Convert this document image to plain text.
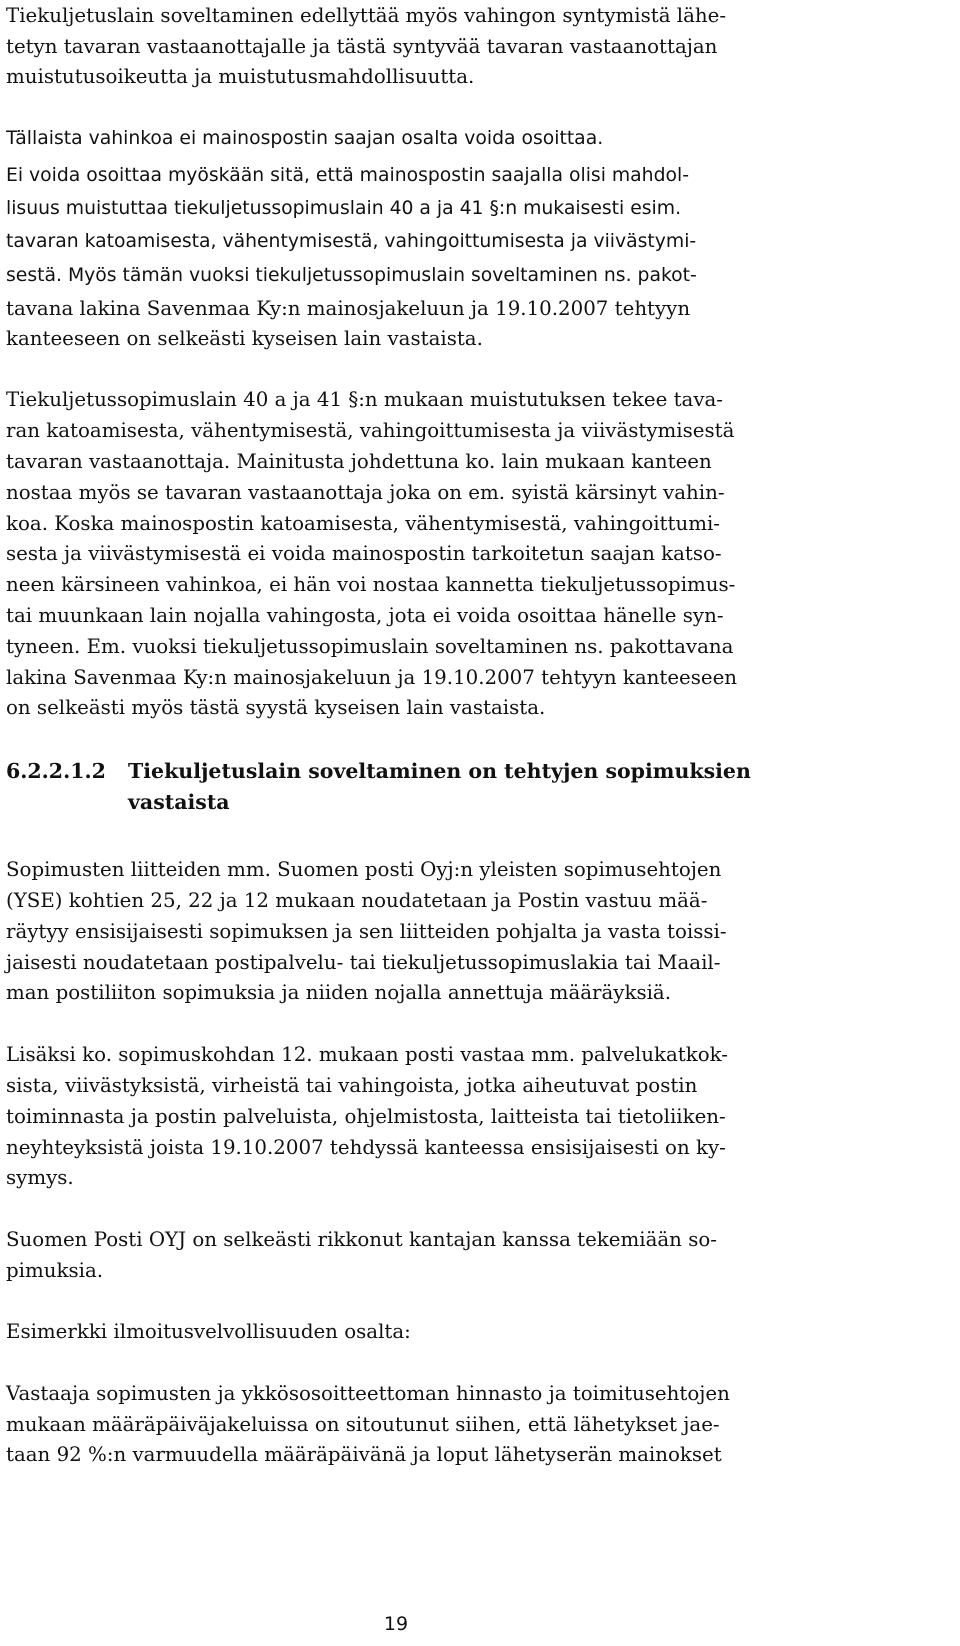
Tiekuljetuslain soveltaminen edellyttää myös vahingon syntymistä lähe-
tetyn tavaran vastaanottajalle ja tästä syntyvää tavaran vastaanottajan
muistutusoikeutta ja muistutusmahdollisuutta.
Tällaista vahinkoa ei mainospostin saajan osalta voida osoittaa.
Ei voida osoittaa myöskään sitä, että mainospostin saajalla olisi mahdol-
lisuus muistuttaa tiekuljetussopimuslain 40 a ja 41 §:n mukaisesti esim.
tavaran katoamisesta, vähentymisestä, vahingoittumisesta ja viivästymi-
sestä. Myös tämän vuoksi tiekuljetussopimuslain soveltaminen ns. pakot-
tavana lakina Savenmaa Ky:n mainosjakeluun ja 19.10.2007 tehtyyn
kanteeseen on selkeästi kyseisen lain vastaista.
Tiekuljetussopimuslain 40 a ja 41 §:n mukaan muistutuksen tekee tava-
ran katoamisesta, vähentymisestä, vahingoittumisesta ja viivästymisestä
tavaran vastaanottaja. Mainitusta johdettuna ko. lain mukaan kanteen
nostaa myös se tavaran vastaanottaja joka on em. syistä kärsinyt vahin-
koa. Koska mainospostin katoamisesta, vähentymisestä, vahingoittumi-
sesta ja viivästymisestä ei voida mainospostin tarkoitetun saajan katso-
neen kärsineen vahinkoa, ei hän voi nostaa kannetta tiekuljetussopimus-
tai muunkaan lain nojalla vahingosta, jota ei voida osoittaa hänelle syn-
tyneen. Em. vuoksi tiekuljetussopimuslain soveltaminen ns. pakottavana
lakina Savenmaa Ky:n mainosjakeluun ja 19.10.2007 tehtyyn kanteeseen
on selkeästi myös tästä syystä kyseisen lain vastaista.
6.2.2.1.2 Tiekuljetuslain soveltaminen on tehtyjen sopimuksien
vastaista
Sopimusten liitteiden mm. Suomen posti Oyj:n yleisten sopimusehtojen
(YSE) kohtien 25, 22 ja 12 mukaan noudatetaan ja Postin vastuu mää-
räytyy ensisijaisesti sopimuksen ja sen liitteiden pohjalta ja vasta toissi-
jaisesti noudatetaan postipalvelu- tai tiekuljetussopimuslakia tai Maail-
man postiliiton sopimuksia ja niiden nojalla annettuja määräyksiä.
Lisäksi ko. sopimuskohdan 12. mukaan posti vastaa mm. palvelukatkok-
sista, viivästyksistä, virheistä tai vahingoista, jotka aiheutuvat postin
toiminnasta ja postin palveluista, ohjelmistosta, laitteista tai tietoliiken-
neyhteyksistä joista 19.10.2007 tehdyssä kanteessa ensisijaisesti on ky-
symys.
Suomen Posti OYJ on selkeästi rikkonut kantajan kanssa tekemiään so-
pimuksia.
Esimerkki ilmoitusvelvollisuuden osalta:
Vastaaja sopimusten ja ykkösosoitteettoman hinnasto ja toimitusehtojen
mukaan määräpäiväjakeluissa on sitoutunut siihen, että lähetykset jae-
taan 92 %:n varmuudella määräpäivänä ja loput lähetyserän mainokset
19
